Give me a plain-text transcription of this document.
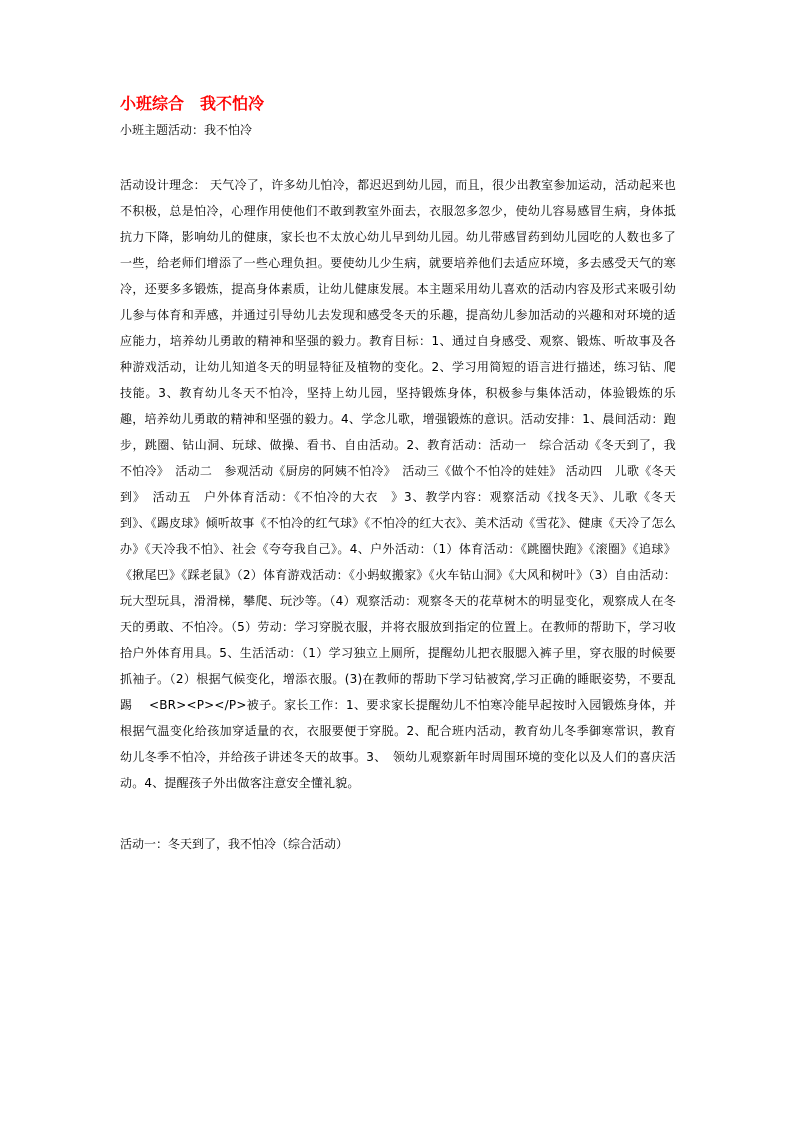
小班综合　我不怕冷

小班主题活动：我不怕冷

活动设计理念： 天气冷了，许多幼儿怕冷，都迟迟到幼儿园，而且，很少出教室参加运动，活动起来也不积极，总是怕冷，心理作用使他们不敢到教室外面去，衣服忽多忽少，使幼儿容易感冒生病，身体抵抗力下降，影响幼儿的健康，家长也不太放心幼儿早到幼儿园。幼儿带感冒药到幼儿园吃的人数也多了一些，给老师们增添了一些心理负担。要使幼儿少生病，就要培养他们去适应环境，多去感受天气的寒冷，还要多多锻炼，提高身体素质，让幼儿健康发展。本主题采用幼儿喜欢的活动内容及形式来吸引幼儿参与体育和弄感，并通过引导幼儿去发现和感受冬天的乐趣，提高幼儿参加活动的兴趣和对环境的适应能力，培养幼儿勇敢的精神和坚强的毅力。教育目标：1、通过自身感受、观察、锻炼、听故事及各种游戏活动，让幼儿知道冬天的明显特征及植物的变化。2、学习用简短的语言进行描述，练习钻、爬技能。3、教育幼儿冬天不怕冷，坚持上幼儿园，坚持锻炼身体，积极参与集体活动，体验锻炼的乐趣，培养幼儿勇敢的精神和坚强的毅力。4、学念儿歌，增强锻炼的意识。活动安排：1、晨间活动：跑步，跳圈、钻山洞、玩球、做操、看书、自由活动。2、教育活动：活动一　综合活动《冬天到了，我不怕冷》　活动二　参观活动《厨房的阿姨不怕冷》　活动三《做个不怕冷的娃娃》 活动四　儿歌《冬天到》　活动五　户外体育活动：《不怕冷的大衣　》3、教学内容：观察活动《找冬天》、儿歌《冬天到》、《踢皮球》倾听故事《不怕冷的红气球》《不怕冷的红大衣》、美术活动《雪花》、健康《天冷了怎么办》《天冷我不怕》、社会《夸夸我自己》。4、户外活动：（1）体育活动：《跳圈快跑》《滚圈》《追球》《揪尾巴》《踩老鼠》（2）体育游戏活动：《小蚂蚁搬家》《火车钻山洞》《大风和树叶》（3）自由活动：玩大型玩具，滑滑梯，攀爬、玩沙等。（4）观察活动：观察冬天的花草树木的明显变化，观察成人在冬天的勇敢、不怕冷。（5）劳动：学习穿脱衣服，并将衣服放到指定的位置上。在教师的帮助下，学习收拾户外体育用具。5、生活活动：（1）学习独立上厕所，提醒幼儿把衣服腮入裤子里，穿衣服的时候要抓袖子。（2）根据气候变化，增添衣服。(3)在教师的帮助下学习钻被窝,学习正确的睡眠姿势，不要乱踢　 <BR><P></P>被子。家长工作：1、要求家长提醒幼儿不怕寒冷能早起按时入园锻炼身体，并根据气温变化给孩加穿适量的衣，衣服要便于穿脱。2、配合班内活动，教育幼儿冬季御寒常识，教育幼儿冬季不怕冷，并给孩子讲述冬天的故事。3、　领幼儿观察新年时周围环境的变化以及人们的喜庆活动。4、提醒孩子外出做客注意安全懂礼貌。

活动一：冬天到了，我不怕冷（综合活动）
